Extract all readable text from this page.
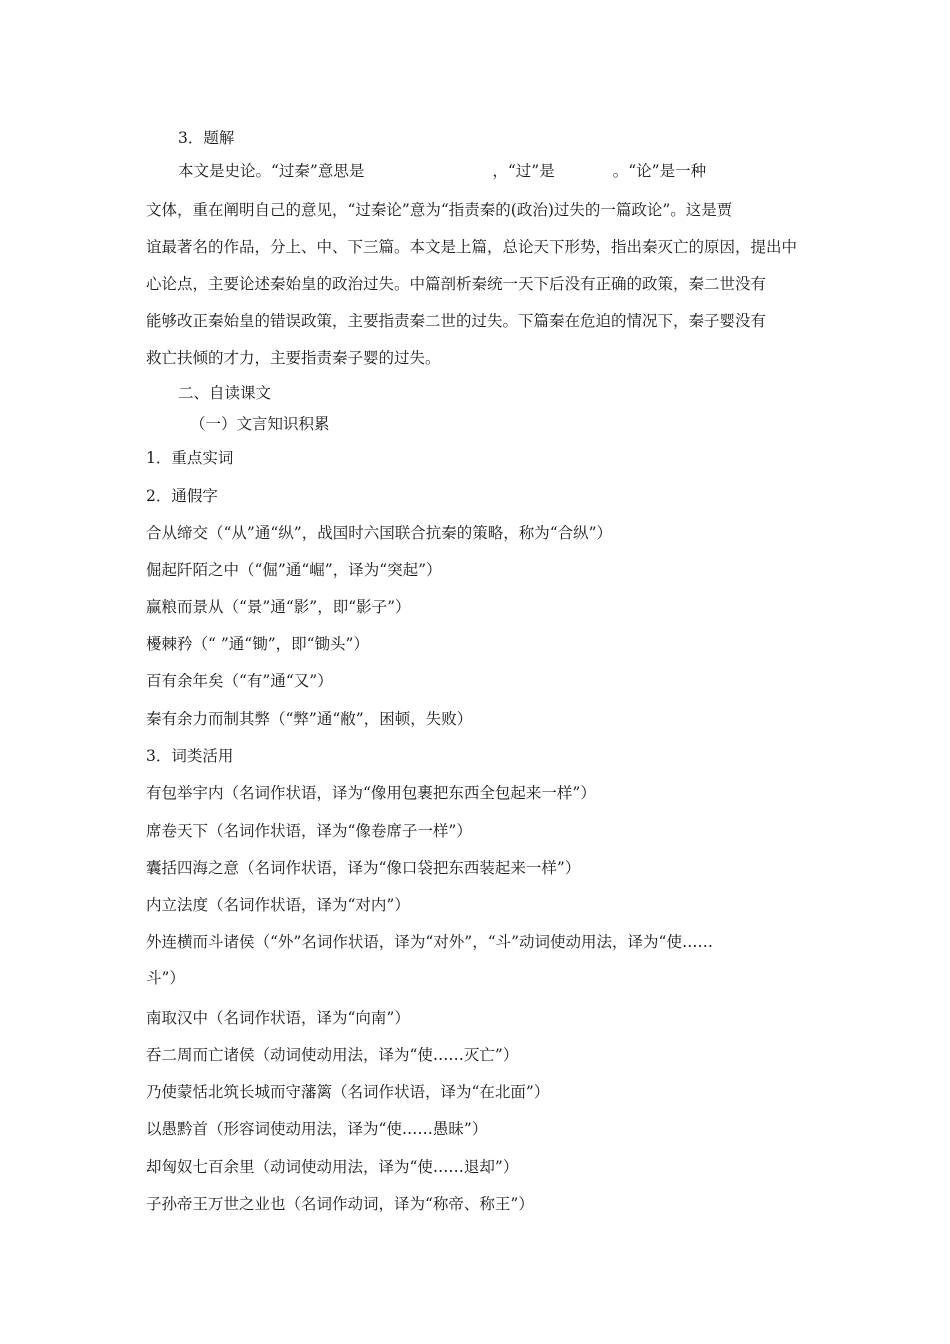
3．题解
本文是史论。“过秦”意思是	，“过”是	。“论”是一种
文体，重在阐明自己的意见，“过秦论”意为“指责秦的(政治)过失的一篇政论”。这是贾
谊最著名的作品，分上、中、下三篇。本文是上篇，总论天下形势，指出秦灭亡的原因，提出中
心论点，主要论述秦始皇的政治过失。中篇剖析秦统一天下后没有正确的政策，秦二世没有
能够改正秦始皇的错误政策，主要指责秦二世的过失。下篇秦在危迫的情况下，秦子婴没有
救亡扶倾的才力，主要指责秦子婴的过失。
二、自读课文
（一）文言知识积累
1．重点实词
2．通假字
合从缔交（“从”通“纵”，战国时六国联合抗秦的策略，称为“合纵”）
倔起阡陌之中（“倔”通“崛”，译为“突起”）
赢粮而景从（“景”通“影”，即“影子”）
櫌棘矜（“ ”通“锄”，即“锄头”）
百有余年矣（“有”通“又”）
秦有余力而制其弊（“弊”通“敝”，困顿，失败）
3．词类活用
有包举宇内（名词作状语，译为“像用包裹把东西全包起来一样”）
席卷天下（名词作状语，译为“像卷席子一样”）
囊括四海之意（名词作状语，译为“像口袋把东西装起来一样”）
内立法度（名词作状语，译为“对内”）
外连横而斗诸侯（“外”名词作状语，译为“对外”，“斗”动词使动用法，译为“使……
斗”）
南取汉中（名词作状语，译为“向南”）
吞二周而亡诸侯（动词使动用法，译为“使……灭亡”）
乃使蒙恬北筑长城而守藩篱（名词作状语，译为“在北面”）
以愚黔首（形容词使动用法，译为“使……愚昧”）
却匈奴七百余里（动词使动用法，译为“使……退却”）
子孙帝王万世之业也（名词作动词，译为“称帝、称王”）
